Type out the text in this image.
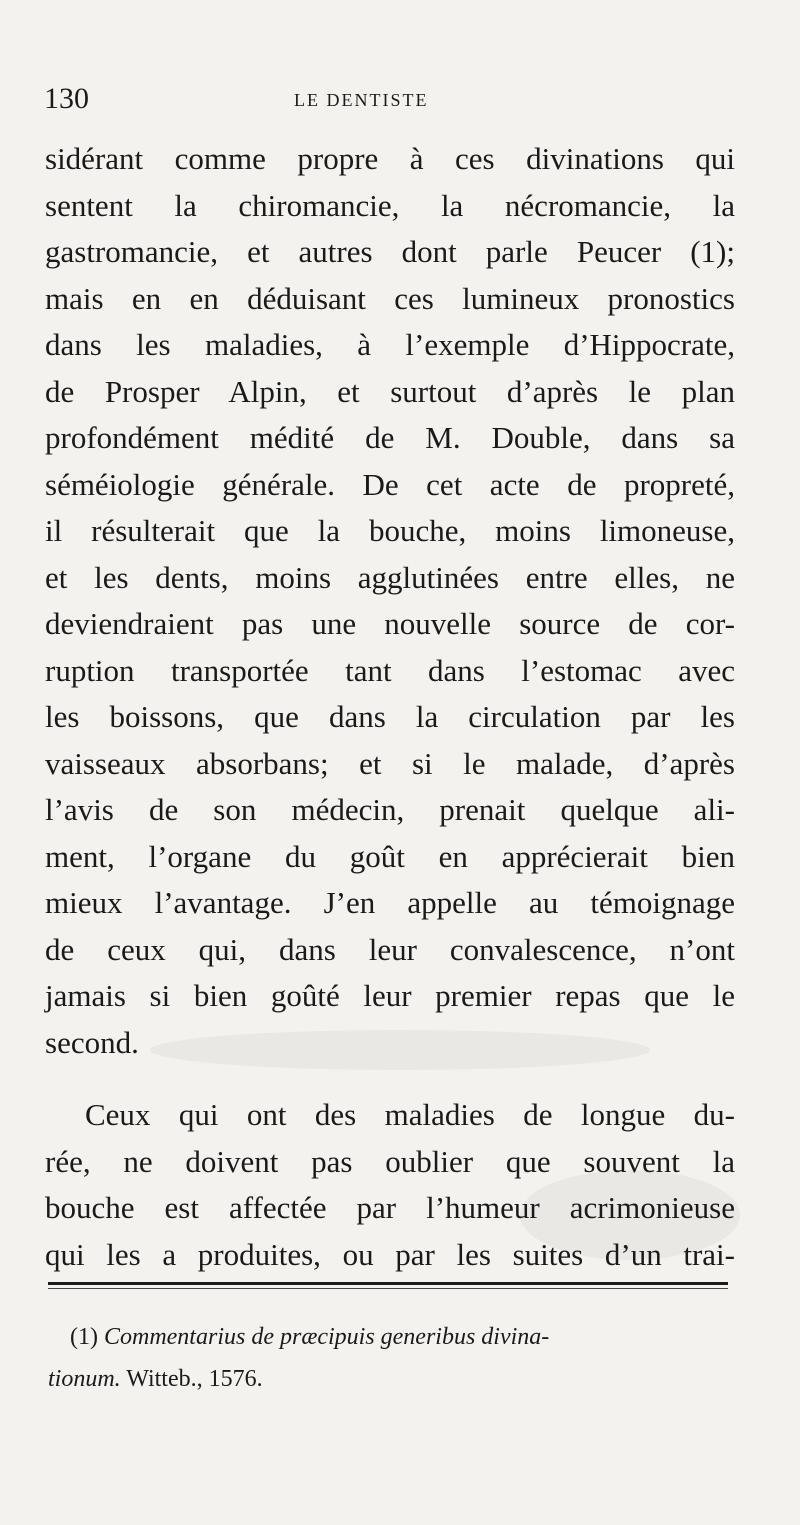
130	LE DENTISTE
sidérant comme propre à ces divinations qui
sentent la chiromancie, la nécromancie, la
gastromancie, et autres dont parle Peucer (1);
mais en en déduisant ces lumineux pronostics
dans les maladies, à l’exemple d’Hippocrate,
de Prosper Alpin, et surtout d’après le plan
profondément médité de M. Double, dans sa
séméiologie générale. De cet acte de propreté,
il résulterait que la bouche, moins limoneuse,
et les dents, moins agglutinées entre elles, ne
deviendraient pas une nouvelle source de cor-
ruption transportée tant dans l’estomac avec
les boissons, que dans la circulation par les
vaisseaux absorbans; et si le malade, d’après
l’avis de son médecin, prenait quelque ali-
ment, l’organe du goût en apprécierait bien
mieux l’avantage. J’en appelle au témoignage
de ceux qui, dans leur convalescence, n’ont
jamais si bien goûté leur premier repas que le
second.
Ceux qui ont des maladies de longue du-
rée, ne doivent pas oublier que souvent la
bouche est affectée par l’humeur acrimonieuse
qui les a produites, ou par les suites d’un trai-
(1) Commentarius de præcipuis generibus divina-
tionum. Witteb., 1576.
